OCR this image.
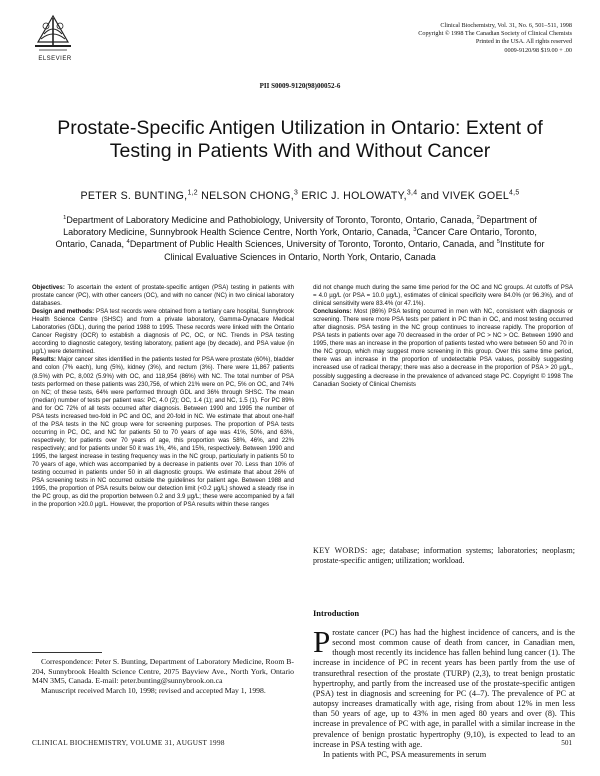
ELSEVIER
Clinical Biochemistry, Vol. 31, No. 6, 501–511, 1998
Copyright © 1998 The Canadian Society of Clinical Chemists
Printed in the USA. All rights reserved
0009-9120/98 $19.00 + .00
PII S0009-9120(98)00052-6
Prostate-Specific Antigen Utilization in Ontario: Extent of Testing in Patients With and Without Cancer
PETER S. BUNTING,$^{1,2}$ NELSON CHONG,$^3$ ERIC J. HOLOWATY,$^{3,4}$ and VIVEK GOEL$^{4,5}$
$^1$Department of Laboratory Medicine and Pathobiology, University of Toronto, Toronto, Ontario, Canada, $^2$Department of Laboratory Medicine, Sunnybrook Health Science Centre, North York, Ontario, Canada, $^3$Cancer Care Ontario, Toronto, Ontario, Canada, $^4$Department of Public Health Sciences, University of Toronto, Toronto, Ontario, Canada, and $^5$Institute for Clinical Evaluative Sciences in Ontario, North York, Ontario, Canada

Objectives: To ascertain the extent of prostate-specific antigen (PSA) testing in patients with prostate cancer (PC), with other cancers (OC), and with no cancer (NC) in two clinical laboratory databases.

Design and methods: PSA test records were obtained from a tertiary care hospital, Sunnybrook Health Science Centre (SHSC) and from a private laboratory, Gamma-Dynacare Medical Laboratories (GDL), during the period 1988 to 1995. These records were linked with the Ontario Cancer Registry (OCR) to establish a diagnosis of PC, OC, or NC. Trends in PSA testing according to diagnostic category, testing laboratory, patient age (by decade), and PSA value (in µg/L) were determined.

Results: Major cancer sites identified in the patients tested for PSA were prostate (60%), bladder and colon (7% each), lung (5%), kidney (3%), and rectum (3%). There were 11,867 patients (8.5%) with PC, 8,002 (5.9%) with OC, and 118,954 (86%) with NC. The total number of PSA tests performed on these patients was 230,756, of which 21% were on PC, 5% on OC, and 74% on NC; of these tests, 64% were performed through GDL and 36% through SHSC. The mean (median) number of tests per patient was: PC, 4.0 (2); OC, 1.4 (1); and NC, 1.5 (1). For PC 89% and for OC 72% of all tests occurred after diagnosis. Between 1990 and 1995 the number of PSA tests increased two-fold in PC and OC, and 20-fold in NC. We estimate that about one-half of the PSA tests in the NC group were for screening purposes. The proportion of PSA tests occurring in PC, OC, and NC for patients 50 to 70 years of age was 41%, 50%, and 63%, respectively; for patients over 70 years of age, this proportion was 58%, 46%, and 22% respectively; and for patients under 50 it was 1%, 4%, and 15%, respectively. Between 1990 and 1995, the largest increase in testing frequency was in the NC group, particularly in patients 50 to 70 years of age, which was accompanied by a decrease in patients over 70. Less than 10% of testing occurred in patients under 50 in all diagnostic groups. We estimate that about 26% of PSA screening tests in NC occurred outside the guidelines for patient age. Between 1988 and 1995, the proportion of PSA results below our detection limit (<0.2 µg/L) showed a steady rise in the PC group, as did the proportion between 0.2 and 3.9 µg/L; these were accompanied by a fall in the proportion >20.0 µg/L. However, the proportion of PSA results within these ranges

did not change much during the same time period for the OC and NC groups. At cutoffs of PSA = 4.0 µg/L (or PSA = 10.0 µg/L), estimates of clinical specificity were 84.0% (or 96.3%), and of clinical sensitivity were 83.4% (or 47.1%).

Conclusions: Most (86%) PSA testing occurred in men with NC, consistent with diagnosis or screening. There were more PSA tests per patient in PC than in OC, and most testing occurred after diagnosis. PSA testing in the NC group continues to increase rapidly. The proportion of PSA tests in patients over age 70 decreased in the order of PC > NC > OC. Between 1990 and 1995, there was an increase in the proportion of patients tested who were between 50 and 70 in the NC group, which may suggest more screening in this group. Over this same time period, there was an increase in the proportion of undetectable PSA values, possibly suggesting increased use of radical therapy; there was also a decrease in the proportion of PSA > 20 µg/L, possibly suggesting a decrease in the prevalence of advanced stage PC. Copyright © 1998 The Canadian Society of Clinical Chemists

KEY WORDS: age; database; information systems; laboratories; neoplasm; prostate-specific antigen; utilization; workload.
Introduction

Prostate cancer (PC) has had the highest incidence of cancers, and is the second most common cause of death from cancer, in Canadian men, though most recently its incidence has fallen behind lung cancer (1). The increase in incidence of PC in recent years has been partly from the use of transurethral resection of the prostate (TURP) (2,3), to treat benign prostatic hypertrophy, and partly from the increased use of the prostate-specific antigen (PSA) test in diagnosis and screening for PC (4–7). The prevalence of PC at autopsy increases dramatically with age, rising from about 12% in men less than 50 years of age, up to 43% in men aged 80 years and over (8). This increase in prevalence of PC with age, in parallel with a similar increase in the prevalence of benign prostatic hypertrophy (9,10), is expected to lead to an increase in PSA testing with age.

In patients with PC, PSA measurements in serum

Correspondence: Peter S. Bunting, Department of Laboratory Medicine, Room B-204, Sunnybrook Health Science Centre, 2075 Bayview Ave., North York, Ontario M4N 3M5, Canada. E-mail: peter.bunting@sunnybrook.on.ca

Manuscript received March 10, 1998; revised and accepted May 1, 1998.

CLINICAL BIOCHEMISTRY, VOLUME 31, AUGUST 1998	501
